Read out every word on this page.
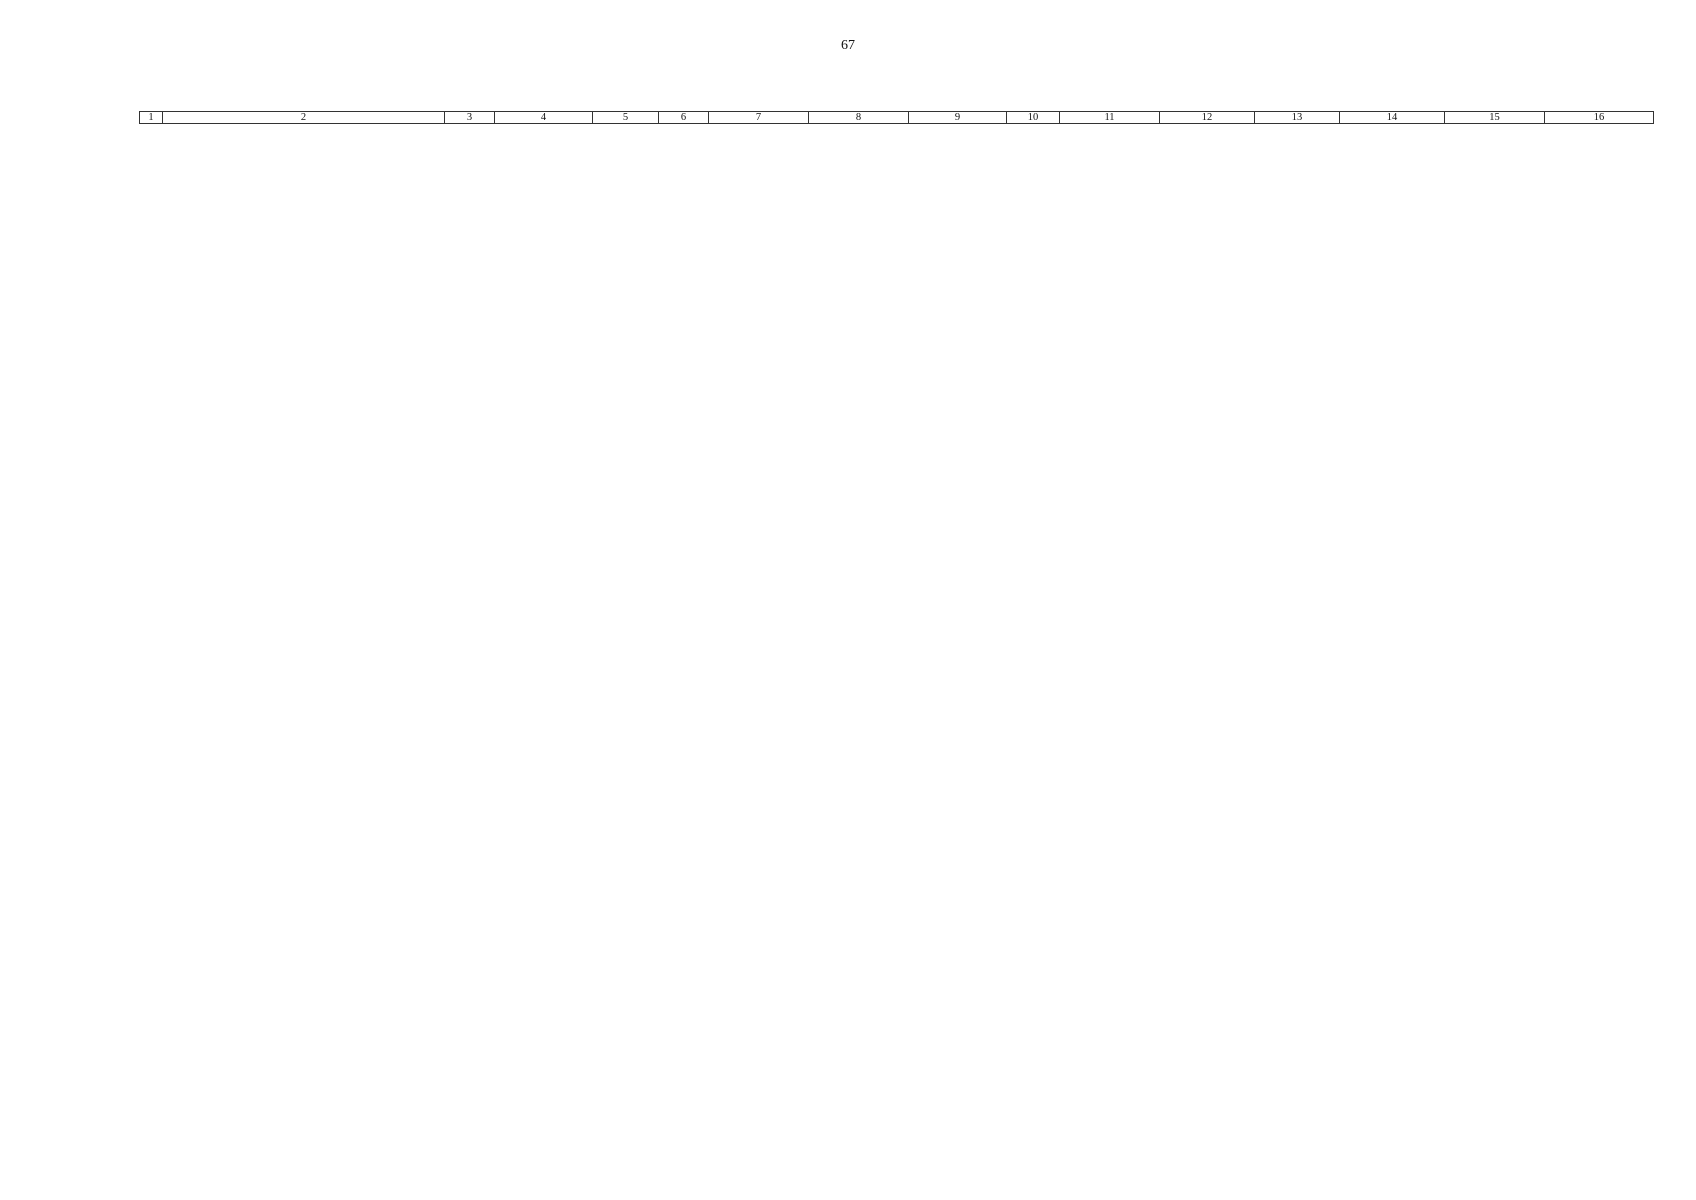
67
1	2	3	4	5	6	7	8	9	10	11	12	13	14	15	16
